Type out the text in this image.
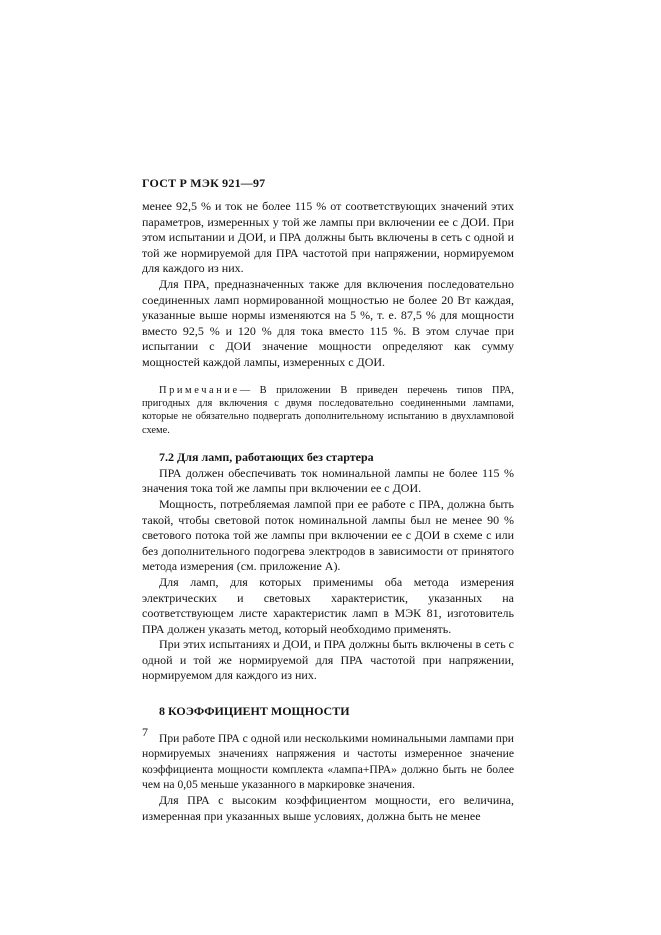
ГОСТ Р МЭК 921—97

менее 92,5 % и ток не более 115 % от соответствующих значений этих параметров, измеренных у той же лампы при включении ее с ДОИ. При этом испытании и ДОИ, и ПРА должны быть включены в сеть с одной и той же нормируемой для ПРА частотой при напряжении, нормируемом для каждого из них.

Для ПРА, предназначенных также для включения последовательно соединенных ламп нормированной мощностью не более 20 Вт каждая, указанные выше нормы изменяются на 5 %, т. е. 87,5 % для мощности вместо 92,5 % и 120 % для тока вместо 115 %. В этом случае при испытании с ДОИ значение мощности определяют как сумму мощностей каждой лампы, измеренных с ДОИ.

Примечание— В приложении В приведен перечень типов ПРА, пригодных для включения с двумя последовательно соединенными лампами, которые не обязательно подвергать дополнительному испытанию в двухламповой схеме.
7.2 Для ламп, работающих без стартера

ПРА должен обеспечивать ток номинальной лампы не более 115 % значения тока той же лампы при включении ее с ДОИ.

Мощность, потребляемая лампой при ее работе с ПРА, должна быть такой, чтобы световой поток номинальной лампы был не менее 90 % светового потока той же лампы при включении ее с ДОИ в схеме с или без дополнительного подогрева электродов в зависимости от принятого метода измерения (см. приложение А).

Для ламп, для которых применимы оба метода измерения электрических и световых характеристик, указанных на соответствующем листе характеристик ламп в МЭК 81, изготовитель ПРА должен указать метод, который необходимо применять.

При этих испытаниях и ДОИ, и ПРА должны быть включены в сеть с одной и той же нормируемой для ПРА частотой при напряжении, нормируемом для каждого из них.

8 КОЭФФИЦИЕНТ МОЩНОСТИ

При работе ПРА с одной или несколькими номинальными лампами при нормируемых значениях напряжения и частоты измеренное значение коэффициента мощности комплекта «лампа+ПРА» должно быть не более чем на 0,05 меньше указанного в маркировке значения.

Для ПРА с высоким коэффициентом мощности, его величина, измеренная при указанных выше условиях, должна быть не менее

7
